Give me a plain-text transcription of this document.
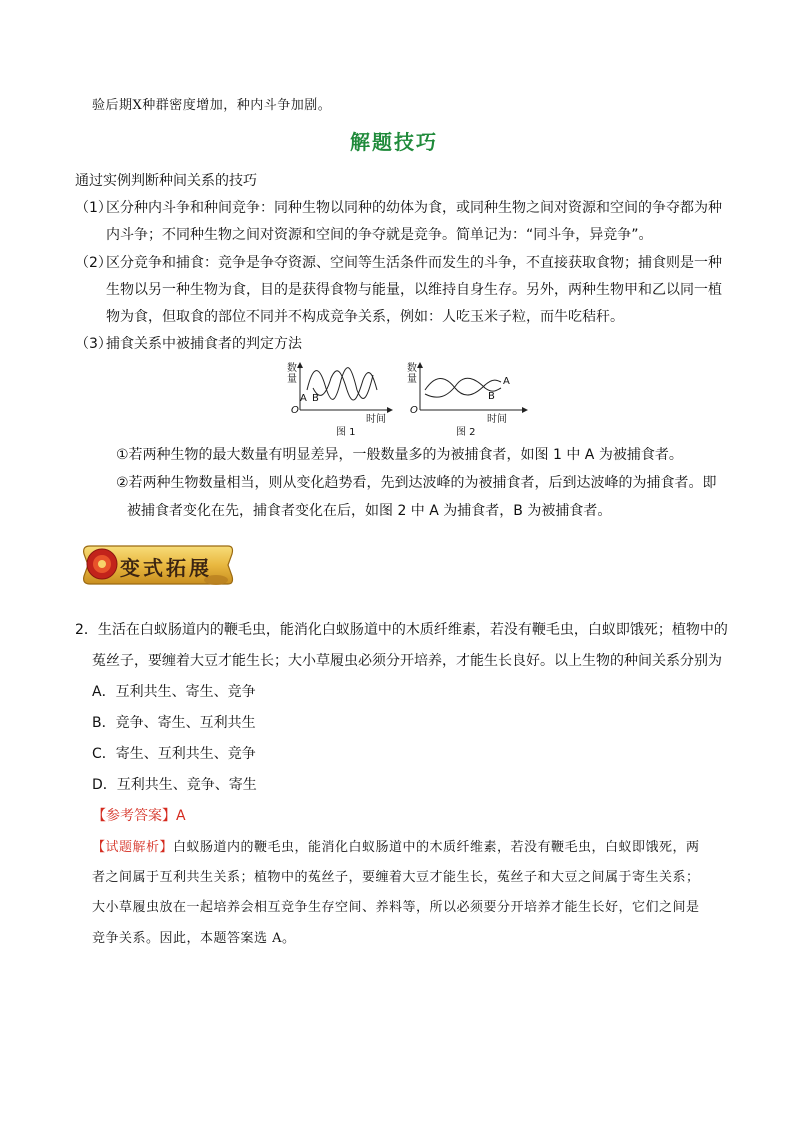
验后期X种群密度增加，种内斗争加剧。
解题技巧
通过实例判断种间关系的技巧
（1）
区分种内斗争和种间竞争：同种生物以同种的幼体为食，或同种生物之间对资源和空间的争夺都为种
内斗争；不同种生物之间对资源和空间的争夺就是竞争。简单记为：“同斗争，异竞争”。
（2）
区分竞争和捕食：竞争是争夺资源、空间等生活条件而发生的斗争，不直接获取食物；捕食则是一种
生物以另一种生物为食，目的是获得食物与能量，以维持自身生存。另外，两种生物甲和乙以同一植
物为食，但取食的部位不同并不构成竞争关系，例如：人吃玉米子粒，而牛吃秸秆。
（3）
捕食关系中被捕食者的判定方法
数量
A B
O
时间
图 1
数量	A
B
O
时间
图 2
①若两种生物的最大数量有明显差异，一般数量多的为被捕食者，如图 1 中 A 为被捕食者。
②若两种生物数量相当，则从变化趋势看，先到达波峰的为被捕食者，后到达波峰的为捕食者。即
被捕食者变化在先，捕食者变化在后，如图 2 中 A 为捕食者，B 为被捕食者。
变式拓展
2．生活在白蚁肠道内的鞭毛虫，能消化白蚁肠道中的木质纤维素，若没有鞭毛虫，白蚁即饿死；植物中的
菟丝子，要缠着大豆才能生长；大小草履虫必须分开培养，才能生长良好。以上生物的种间关系分别为
A．互利共生、寄生、竞争
B．竞争、寄生、互利共生
C．寄生、互利共生、竞争
D．互利共生、竞争、寄生
【参考答案】A
【试题解析】白蚁肠道内的鞭毛虫，能消化白蚁肠道中的木质纤维素，若没有鞭毛虫，白蚁即饿死，两
者之间属于互利共生关系；植物中的菟丝子，要缠着大豆才能生长，菟丝子和大豆之间属于寄生关系；
大小草履虫放在一起培养会相互竞争生存空间、养料等，所以必须要分开培养才能生长好，它们之间是
竞争关系。因此，本题答案选 A。
